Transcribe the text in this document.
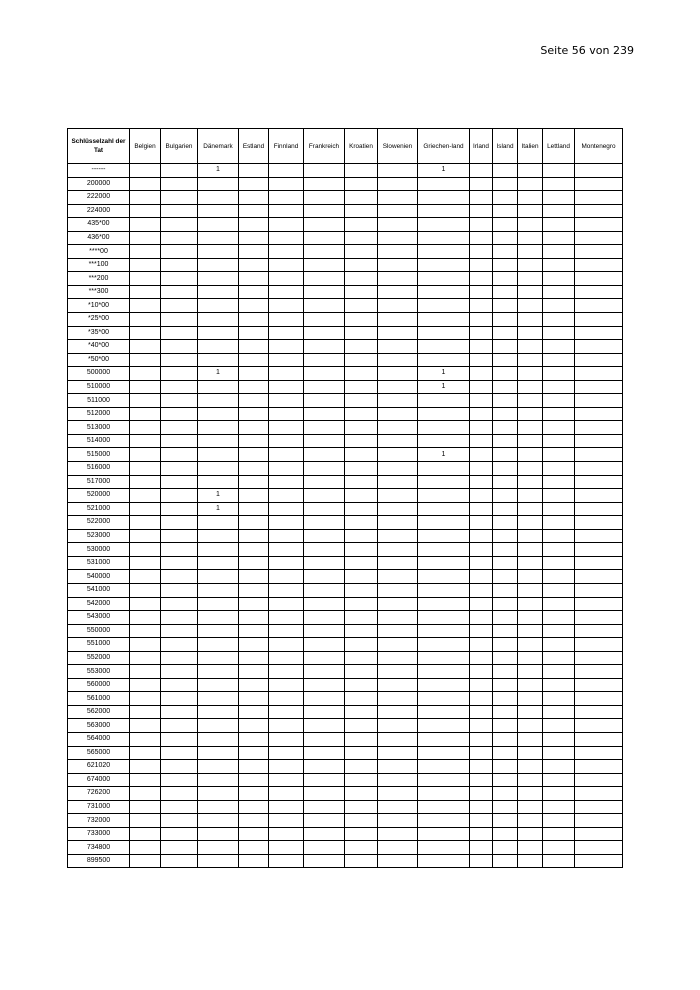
Seite 56 von 239
Schlüsselzahl der Tat	Belgien	Bulgarien	Dänemark	Estland	Finnland	Frankreich	Kroatien	Slowenien	Griechen-land	Irland	Island	Italien	Lettland	Montenegro
------			1						1					
200000														
222000														
224000														
435*00														
436*00														
****00														
***100														
***200														
***300														
*10*00														
*25*00														
*35*00														
*40*00														
*50*00														
500000			1						1					
510000									1					
511000														
512000														
513000														
514000														
515000									1					
516000														
517000														
520000			1											
521000			1											
522000														
523000														
530000														
531000														
540000														
541000														
542000														
543000														
550000														
551000														
552000														
553000														
560000														
561000														
562000														
563000														
564000														
565000														
621020														
674000														
726200														
731000														
732000														
733000														
734800														
899500														
